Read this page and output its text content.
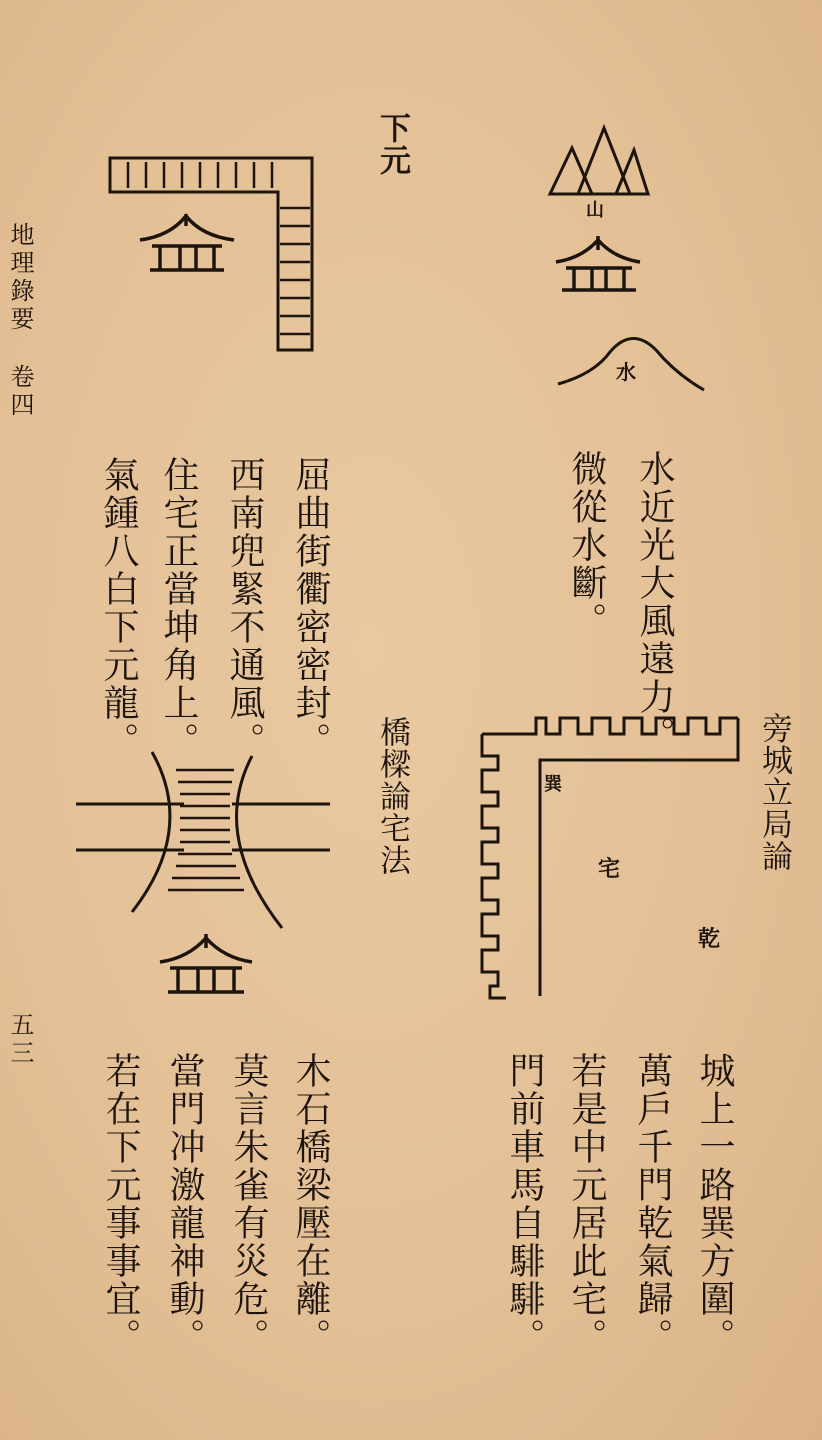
地理錄要
卷四
五三
下元
山
水
水近光大風遠力。
微從水斷。
屈曲街衢密密封。
西南兜緊不通風。
住宅正當坤角上。
氣鍾八白下元龍。
旁城立局論
巽
宅
乾
城上一路巽方圍。
萬戶千門乾氣歸。
若是中元居此宅。
門前車馬自騑騑。
橋樑論宅法
木石橋梁壓在離。
莫言朱雀有災危。
當門冲激龍神動。
若在下元事事宜。
